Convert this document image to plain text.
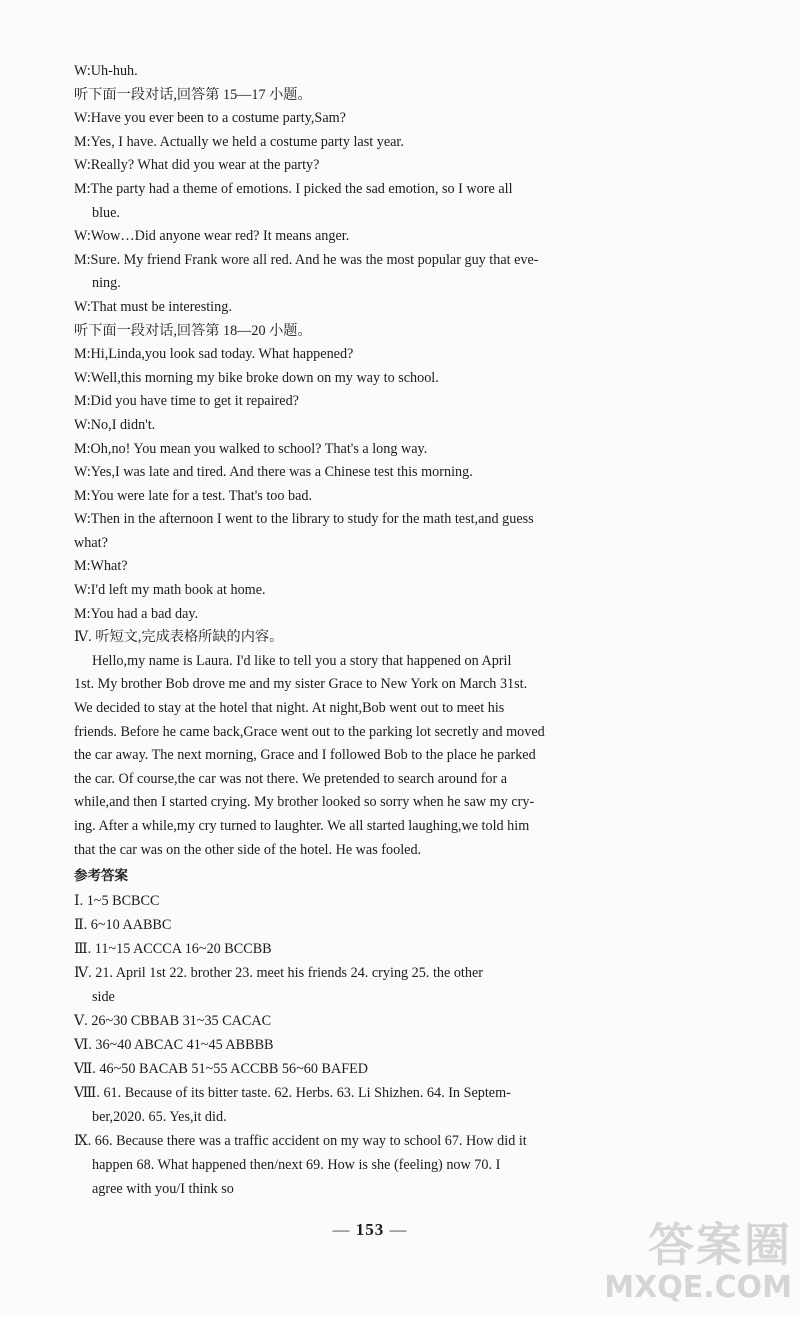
W:Uh-huh.
听下面一段对话,回答第 15—17 小题。
W:Have you ever been to a costume party,Sam?
M:Yes, I have. Actually we held a costume party last year.
W:Really? What did you wear at the party?
M:The party had a theme of emotions. I picked the sad emotion, so I wore all
blue.
W:Wow…Did anyone wear red? It means anger.
M:Sure. My friend Frank wore all red. And he was the most popular guy that eve-
ning.
W:That must be interesting.
听下面一段对话,回答第 18—20 小题。
M:Hi,Linda,you look sad today. What happened?
W:Well,this morning my bike broke down on my way to school.
M:Did you have time to get it repaired?
W:No,I didn't.
M:Oh,no! You mean you walked to school? That's a long way.
W:Yes,I was late and tired. And there was a Chinese test this morning.
M:You were late for a test. That's too bad.
W:Then in the afternoon I went to the library to study for the math test,and guess
what?
M:What?
W:I'd left my math book at home.
M:You had a bad day.
Ⅳ. 听短文,完成表格所缺的内容。
Hello,my name is Laura. I'd like to tell you a story that happened on April
1st. My brother Bob drove me and my sister Grace to New York on March 31st.
We decided to stay at the hotel that night. At night,Bob went out to meet his
friends. Before he came back,Grace went out to the parking lot secretly and moved
the car away. The next morning, Grace and I followed Bob to the place he parked
the car. Of course,the car was not there. We pretended to search around for a
while,and then I started crying. My brother looked so sorry when he saw my cry-
ing. After a while,my cry turned to laughter. We all started laughing,we told him
that the car was on the other side of the hotel. He was fooled.
参考答案
Ⅰ. 1~5 BCBCC
Ⅱ. 6~10 AABBC
Ⅲ. 11~15 ACCCA 16~20 BCCBB
Ⅳ. 21. April 1st 22. brother 23. meet his friends 24. crying 25. the other
side
Ⅴ. 26~30 CBBAB 31~35 CACAC
Ⅵ. 36~40 ABCAC 41~45 ABBBB
Ⅶ. 46~50 BACAB 51~55 ACCBB 56~60 BAFED
Ⅷ. 61. Because of its bitter taste. 62. Herbs. 63. Li Shizhen. 64. In Septem-
ber,2020. 65. Yes,it did.
Ⅸ. 66. Because there was a traffic accident on my way to school 67. How did it
happen 68. What happened then/next 69. How is she (feeling) now 70. I
agree with you/I think so
— 153 —	答案圈
MXQE.COM
